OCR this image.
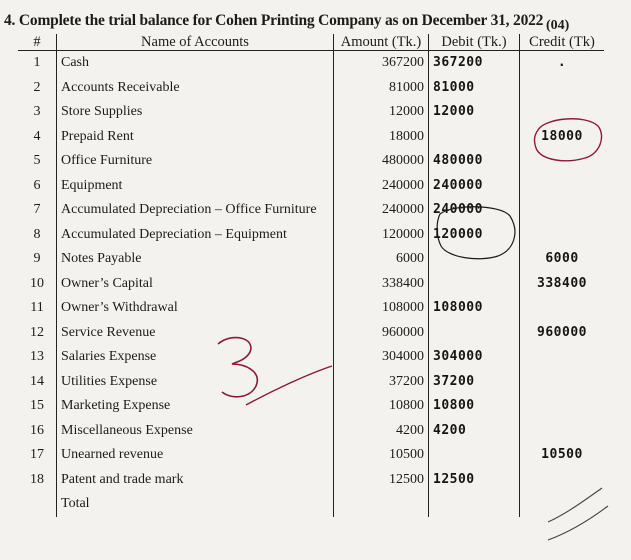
4. Complete the trial balance for Cohen Printing Company as on December 31, 2022 (04)
#	Name of Accounts	Amount (Tk.)	Debit (Tk.)	Credit (Tk)
1	Cash	367200	367200	.
2	Accounts Receivable	81000	81000	
3	Store Supplies	12000	12000	
4	Prepaid Rent	18000		18000
5	Office Furniture	480000	480000	
6	Equipment	240000	240000	
7	Accumulated Depreciation – Office Furniture	240000	240000	
8	Accumulated Depreciation – Equipment	120000	120000	
9	Notes Payable	6000		6000
10	Owner’s Capital	338400		338400
11	Owner’s Withdrawal	108000	108000	
12	Service Revenue	960000		960000
13	Salaries Expense	304000	304000	
14	Utilities Expense	37200	37200	
15	Marketing Expense	10800	10800	
16	Miscellaneous Expense	4200	4200	
17	Unearned revenue	10500		10500
18	Patent and trade mark	12500	12500	
	Total			
